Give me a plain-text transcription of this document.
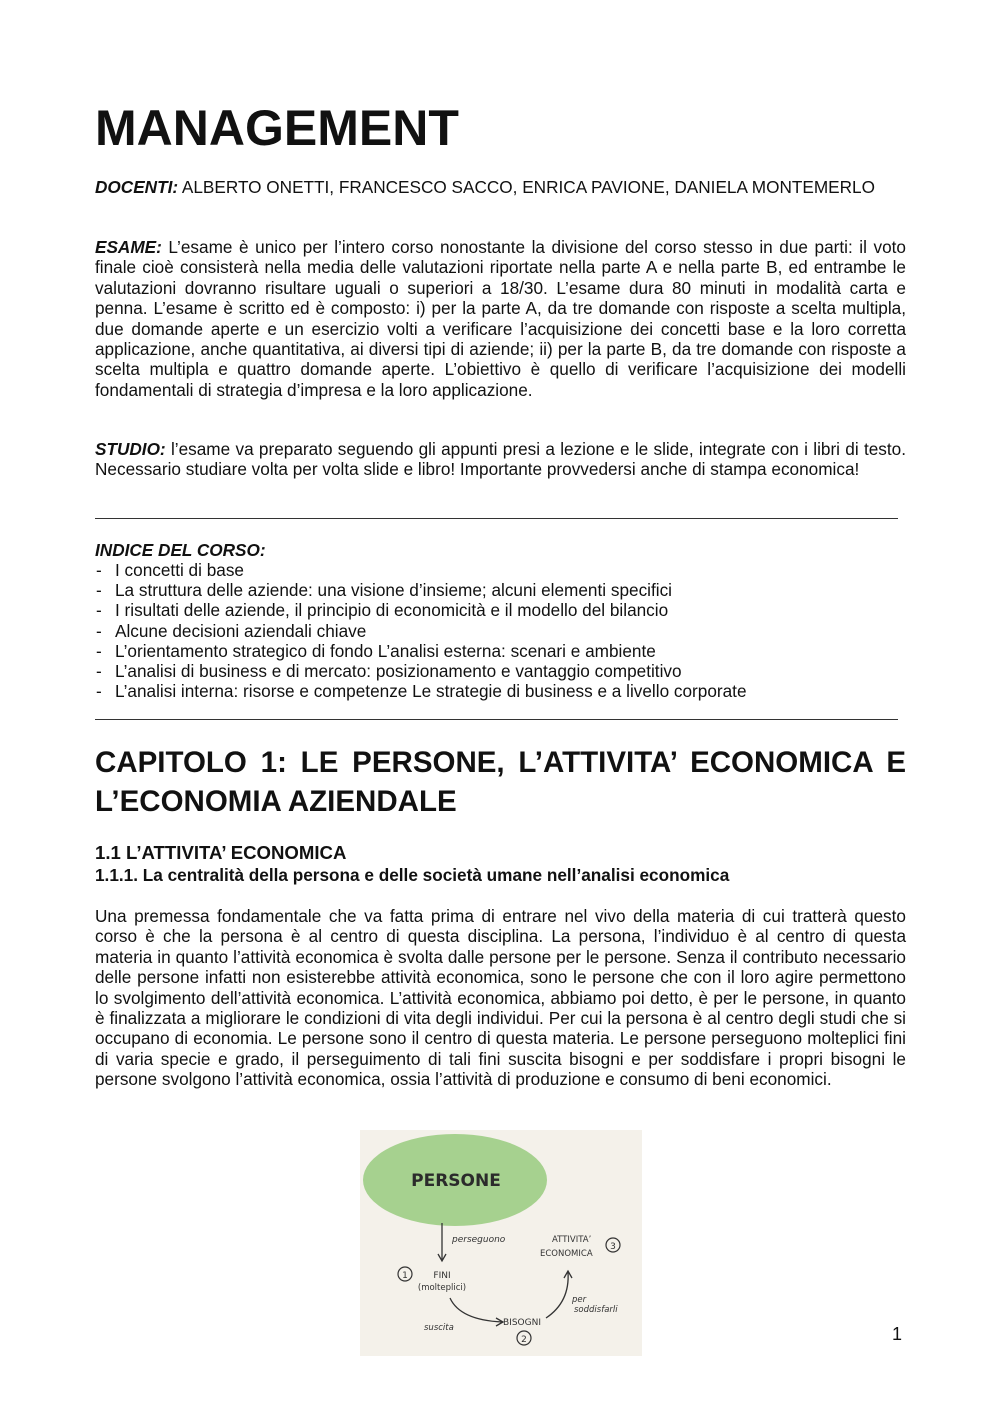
MANAGEMENT

DOCENTI: ALBERTO ONETTI, FRANCESCO SACCO, ENRICA PAVIONE, DANIELA MONTEMERLO

ESAME: L’esame è unico per l’intero corso nonostante la divisione del corso stesso in due parti: il voto finale cioè consisterà nella media delle valutazioni riportate nella parte A e nella parte B, ed entrambe le valutazioni dovranno risultare uguali o superiori a 18/30. L’esame dura 80 minuti in modalità carta e penna. L’esame è scritto ed è composto: i) per la parte A, da tre domande con risposte a scelta multipla, due domande aperte e un esercizio volti a verificare l’acquisizione dei concetti base e la loro corretta applicazione, anche quantitativa, ai diversi tipi di aziende; ii) per la parte B, da tre domande con risposte a scelta multipla e quattro domande aperte. L’obiettivo è quello di verificare l’acquisizione dei modelli fondamentali di strategia d’impresa e la loro applicazione.

STUDIO: l’esame va preparato seguendo gli appunti presi a lezione e le slide, integrate con i libri di testo. Necessario studiare volta per volta slide e libro! Importante provvedersi anche di stampa economica!

INDICE DEL CORSO:

- I concetti di base
- La struttura delle aziende: una visione d’insieme; alcuni elementi specifici
- I risultati delle aziende, il principio di economicità e il modello del bilancio
- Alcune decisioni aziendali chiave
- L’orientamento strategico di fondo L’analisi esterna: scenari e ambiente
- L’analisi di business e di mercato: posizionamento e vantaggio competitivo
- L’analisi interna: risorse e competenze Le strategie di business e a livello corporate
CAPITOLO 1: LE PERSONE, L’ATTIVITA’ ECONOMICA E L’ECONOMIA AZIENDALE
1.1 L’ATTIVITA’ ECONOMICA
1.1.1. La centralità della persona e delle società umane nell’analisi economica

Una premessa fondamentale che va fatta prima di entrare nel vivo della materia di cui tratterà questo corso è che la persona è al centro di questa disciplina. La persona, l’individuo è al centro di questa materia in quanto l’attività economica è svolta dalle persone per le persone. Senza il contributo necessario delle persone infatti non esisterebbe attività economica, sono le persone che con il loro agire permettono lo svolgimento dell’attività economica. L’attività economica, abbiamo poi detto, è per le persone, in quanto è finalizzata a migliorare le condizioni di vita degli individui. Per cui la persona è al centro degli studi che si occupano di economia. Le persone sono il centro di questa materia. Le persone perseguono molteplici fini di varia specie e grado, il perseguimento di tali fini suscita bisogni e per soddisfare i propri bisogni le persone svolgono l’attività economica, ossia l’attività di produzione e consumo di beni economici.

PERSONE
perseguono
1	FINI
(molteplici)
suscita	BISOGNI
2
per
soddisfarli
ATTIVITA’
ECONOMICA
3
1
